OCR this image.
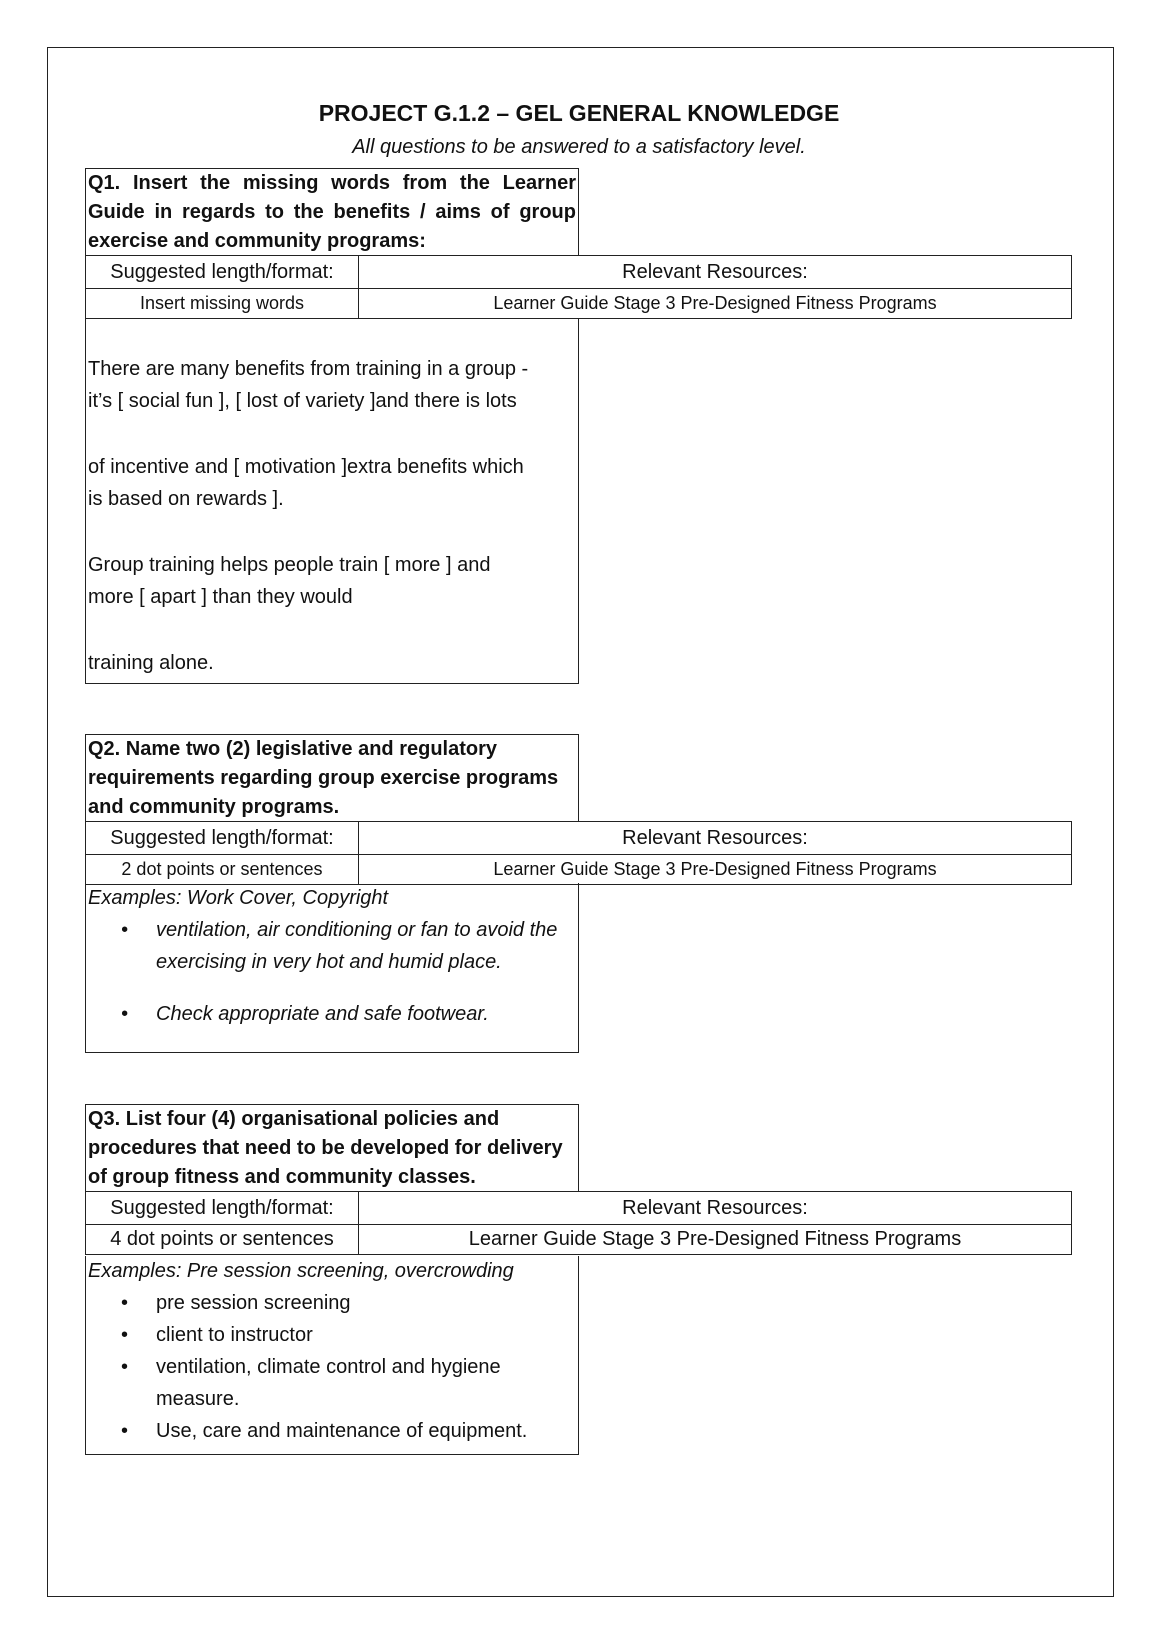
PROJECT G.1.2 – GEL GENERAL KNOWLEDGE
All questions to be answered to a satisfactory level.
Q1. Insert the missing words from the Learner Guide in regards to the benefits / aims of group exercise and community programs:
Suggested length/format:	Relevant Resources:
Insert missing words	Learner Guide Stage 3 Pre-Designed Fitness Programs

There are many benefits from training in a group -

it’s [ social fun ], [ lost of variety ]and there is lots

of incentive and [ motivation ]extra benefits which

is based on rewards ].

Group training helps people train [ more ] and

more [ apart ] than they would

training alone.

Q2. Name two (2) legislative and regulatory requirements regarding group exercise programs and community programs.
Suggested length/format:	Relevant Resources:
2 dot points or sentences	Learner Guide Stage 3 Pre-Designed Fitness Programs
Examples: Work Cover, Copyright
• ventilation, air conditioning or fan to avoid the exercising in very hot and humid place.
• Check appropriate and safe footwear.
Q3. List four (4) organisational policies and procedures that need to be developed for delivery of group fitness and community classes.
Suggested length/format:	Relevant Resources:
4 dot points or sentences	Learner Guide Stage 3 Pre-Designed Fitness Programs
Examples: Pre session screening, overcrowding
• pre session screening
• client to instructor
• ventilation, climate control and hygiene measure.
• Use, care and maintenance of equipment.
